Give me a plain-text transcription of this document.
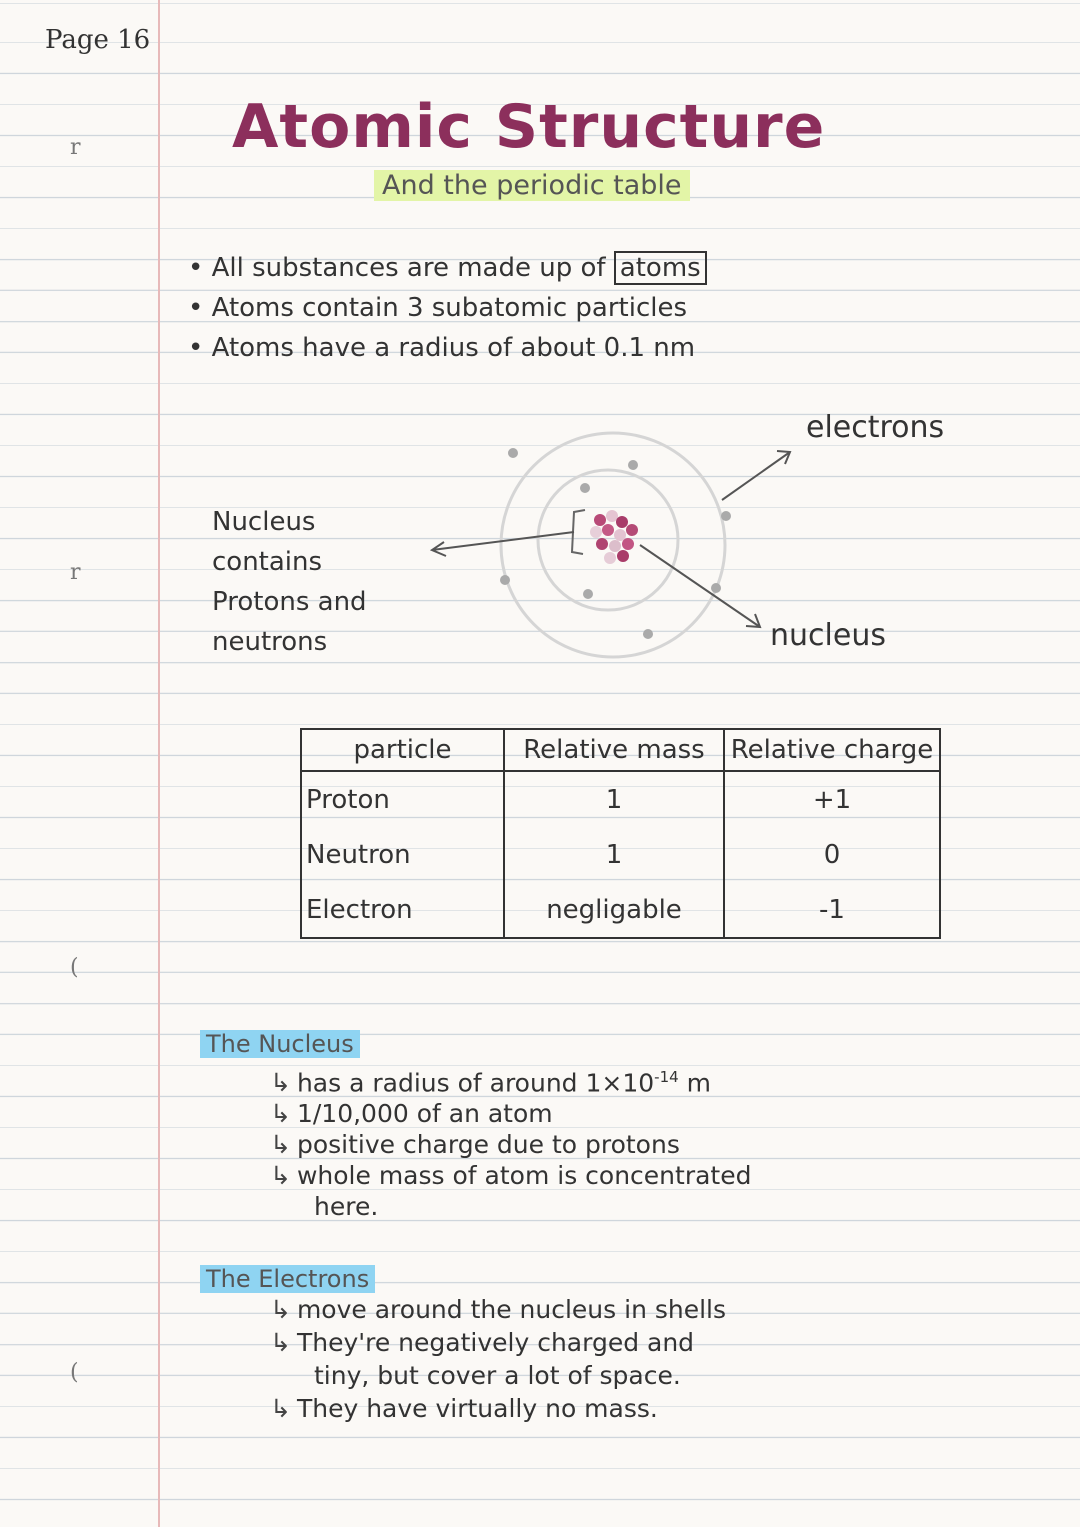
r
r
(
(
Page 16
Atomic Structure
And the periodic table
• All substances are made up of atoms
• Atoms contain 3 subatomic particles
• Atoms have a radius of about 0.1 nm
electrons
Nucleus
contains
Protons and
neutrons	nucleus
particle	Relative mass	Relative charge
Proton	1	+1
Neutron	1	0
Electron	negligable	-1
The Nucleus
↳ has a radius of around $1\times 10^{-14}$ m
↳ 1/10,000 of an atom
↳ positive charge due to protons
↳ whole mass of atom is concentrated
here.
The Electrons
↳ move around the nucleus in shells
↳ They're negatively charged and
tiny, but cover a lot of space.
↳ They have virtually no mass.
